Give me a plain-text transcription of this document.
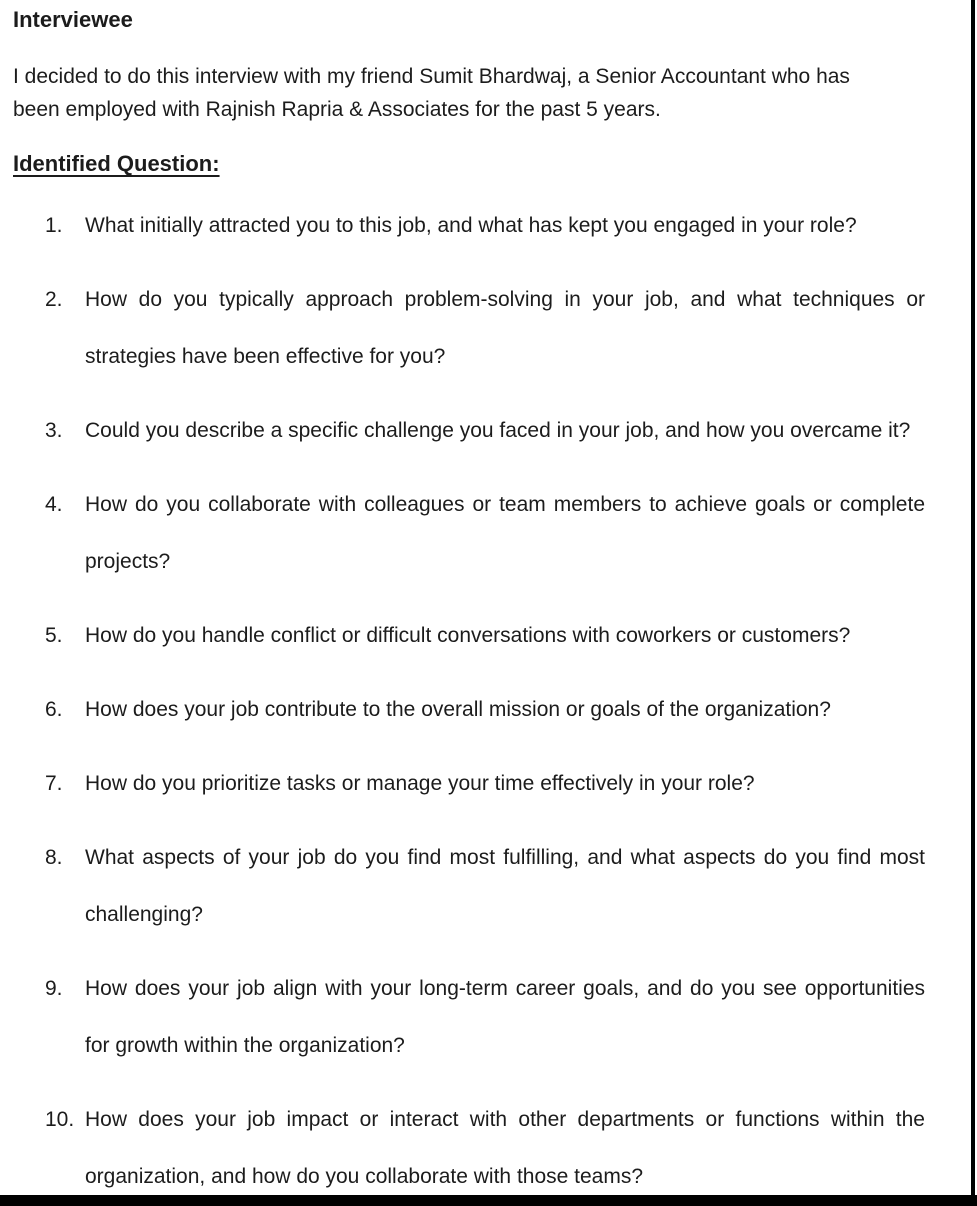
Interviewee
I decided to do this interview with my friend Sumit Bhardwaj, a Senior Accountant who has
been employed with Rajnish Rapria & Associates for the past 5 years.
Identified Question:
1. What initially attracted you to this job, and what has kept you engaged in your role?
2. How do you typically approach problem-solving in your job, and what techniques or
strategies have been effective for you?
3. Could you describe a specific challenge you faced in your job, and how you overcame it?
4. How do you collaborate with colleagues or team members to achieve goals or complete
projects?
5. How do you handle conflict or difficult conversations with coworkers or customers?
6. How does your job contribute to the overall mission or goals of the organization?
7. How do you prioritize tasks or manage your time effectively in your role?
8. What aspects of your job do you find most fulfilling, and what aspects do you find most
challenging?
9. How does your job align with your long-term career goals, and do you see opportunities
for growth within the organization?
10. How does your job impact or interact with other departments or functions within the
organization, and how do you collaborate with those teams?
